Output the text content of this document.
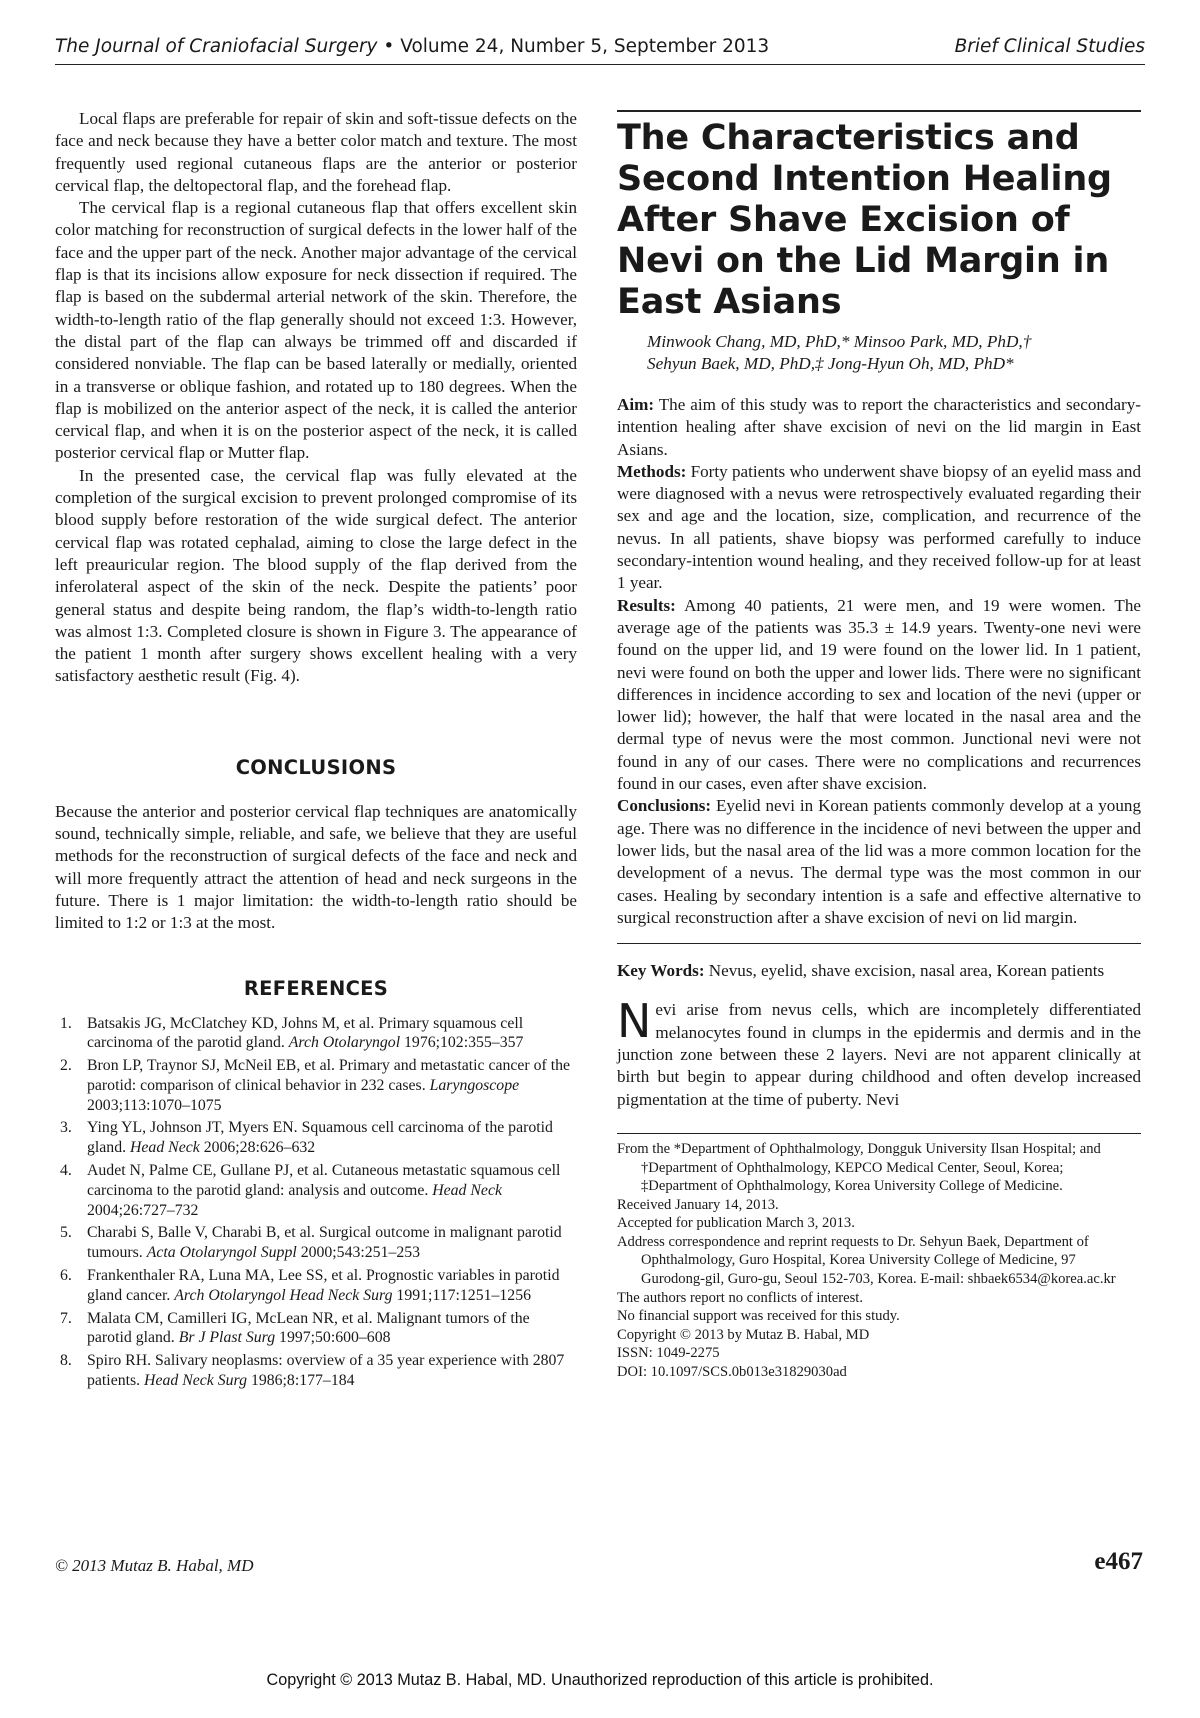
The Journal of Craniofacial Surgery • Volume 24, Number 5, September 2013	Brief Clinical Studies

Local flaps are preferable for repair of skin and soft-tissue defects on the face and neck because they have a better color match and texture. The most frequently used regional cutaneous flaps are the anterior or posterior cervical flap, the deltopectoral flap, and the forehead flap.

The cervical flap is a regional cutaneous flap that offers excellent skin color matching for reconstruction of surgical defects in the lower half of the face and the upper part of the neck. Another major advantage of the cervical flap is that its incisions allow exposure for neck dissection if required. The flap is based on the subdermal arterial network of the skin. Therefore, the width-to-length ratio of the flap generally should not exceed 1:3. However, the distal part of the flap can always be trimmed off and discarded if considered nonviable. The flap can be based laterally or medially, oriented in a transverse or oblique fashion, and rotated up to 180 degrees. When the flap is mobilized on the anterior aspect of the neck, it is called the anterior cervical flap, and when it is on the posterior aspect of the neck, it is called posterior cervical flap or Mutter flap.

In the presented case, the cervical flap was fully elevated at the completion of the surgical excision to prevent prolonged compromise of its blood supply before restoration of the wide surgical defect. The anterior cervical flap was rotated cephalad, aiming to close the large defect in the left preauricular region. The blood supply of the flap derived from the inferolateral aspect of the skin of the neck. Despite the patients’ poor general status and despite being random, the flap’s width-to-length ratio was almost 1:3. Completed closure is shown in Figure 3. The appearance of the patient 1 month after surgery shows excellent healing with a very satisfactory aesthetic result (Fig. 4).

CONCLUSIONS

Because the anterior and posterior cervical flap techniques are anatomically sound, technically simple, reliable, and safe, we believe that they are useful methods for the reconstruction of surgical defects of the face and neck and will more frequently attract the attention of head and neck surgeons in the future. There is 1 major limitation: the width-to-length ratio should be limited to 1:2 or 1:3 at the most.

REFERENCES
1. Batsakis JG, McClatchey KD, Johns M, et al. Primary squamous cell carcinoma of the parotid gland. Arch Otolaryngol 1976;102:355–357
2. Bron LP, Traynor SJ, McNeil EB, et al. Primary and metastatic cancer of the parotid: comparison of clinical behavior in 232 cases. Laryngoscope 2003;113:1070–1075
3. Ying YL, Johnson JT, Myers EN. Squamous cell carcinoma of the parotid gland. Head Neck 2006;28:626–632
4. Audet N, Palme CE, Gullane PJ, et al. Cutaneous metastatic squamous cell carcinoma to the parotid gland: analysis and outcome. Head Neck 2004;26:727–732
5. Charabi S, Balle V, Charabi B, et al. Surgical outcome in malignant parotid tumours. Acta Otolaryngol Suppl 2000;543:251–253
6. Frankenthaler RA, Luna MA, Lee SS, et al. Prognostic variables in parotid gland cancer. Arch Otolaryngol Head Neck Surg 1991;117:1251–1256
7. Malata CM, Camilleri IG, McLean NR, et al. Malignant tumors of the parotid gland. Br J Plast Surg 1997;50:600–608
8. Spiro RH. Salivary neoplasms: overview of a 35 year experience with 2807 patients. Head Neck Surg 1986;8:177–184
The Characteristics and Second Intention Healing After Shave Excision of Nevi on the Lid Margin in East Asians
Minwook Chang, MD, PhD,* Minsoo Park, MD, PhD,†
Sehyun Baek, MD, PhD,‡ Jong-Hyun Oh, MD, PhD*

Aim: The aim of this study was to report the characteristics and secondary-intention healing after shave excision of nevi on the lid margin in East Asians.

Methods: Forty patients who underwent shave biopsy of an eyelid mass and were diagnosed with a nevus were retrospectively evaluated regarding their sex and age and the location, size, complication, and recurrence of the nevus. In all patients, shave biopsy was performed carefully to induce secondary-intention wound healing, and they received follow-up for at least 1 year.

Results: Among 40 patients, 21 were men, and 19 were women. The average age of the patients was 35.3 ± 14.9 years. Twenty-one nevi were found on the upper lid, and 19 were found on the lower lid. In 1 patient, nevi were found on both the upper and lower lids. There were no significant differences in incidence according to sex and location of the nevi (upper or lower lid); however, the half that were located in the nasal area and the dermal type of nevus were the most common. Junctional nevi were not found in any of our cases. There were no complications and recurrences found in our cases, even after shave excision.

Conclusions: Eyelid nevi in Korean patients commonly develop at a young age. There was no difference in the incidence of nevi between the upper and lower lids, but the nasal area of the lid was a more common location for the development of a nevus. The dermal type was the most common in our cases. Healing by secondary intention is a safe and effective alternative to surgical reconstruction after a shave excision of nevi on lid margin.

Key Words: Nevus, eyelid, shave excision, nasal area, Korean patients

Nevi arise from nevus cells, which are incompletely differentiated melanocytes found in clumps in the epidermis and dermis and in the junction zone between these 2 layers. Nevi are not apparent clinically at birth but begin to appear during childhood and often develop increased pigmentation at the time of puberty. Nevi

From the *Department of Ophthalmology, Dongguk University Ilsan Hospital; and †Department of Ophthalmology, KEPCO Medical Center, Seoul, Korea; ‡Department of Ophthalmology, Korea University College of Medicine.

Received January 14, 2013.

Accepted for publication March 3, 2013.

Address correspondence and reprint requests to Dr. Sehyun Baek, Department of Ophthalmology, Guro Hospital, Korea University College of Medicine, 97 Gurodong-gil, Guro-gu, Seoul 152-703, Korea. E-mail: shbaek6534@korea.ac.kr

The authors report no conflicts of interest.

No financial support was received for this study.

Copyright © 2013 by Mutaz B. Habal, MD

ISSN: 1049-2275

DOI: 10.1097/SCS.0b013e31829030ad

© 2013 Mutaz B. Habal, MD	e467
Copyright © 2013 Mutaz B. Habal, MD. Unauthorized reproduction of this article is prohibited.
